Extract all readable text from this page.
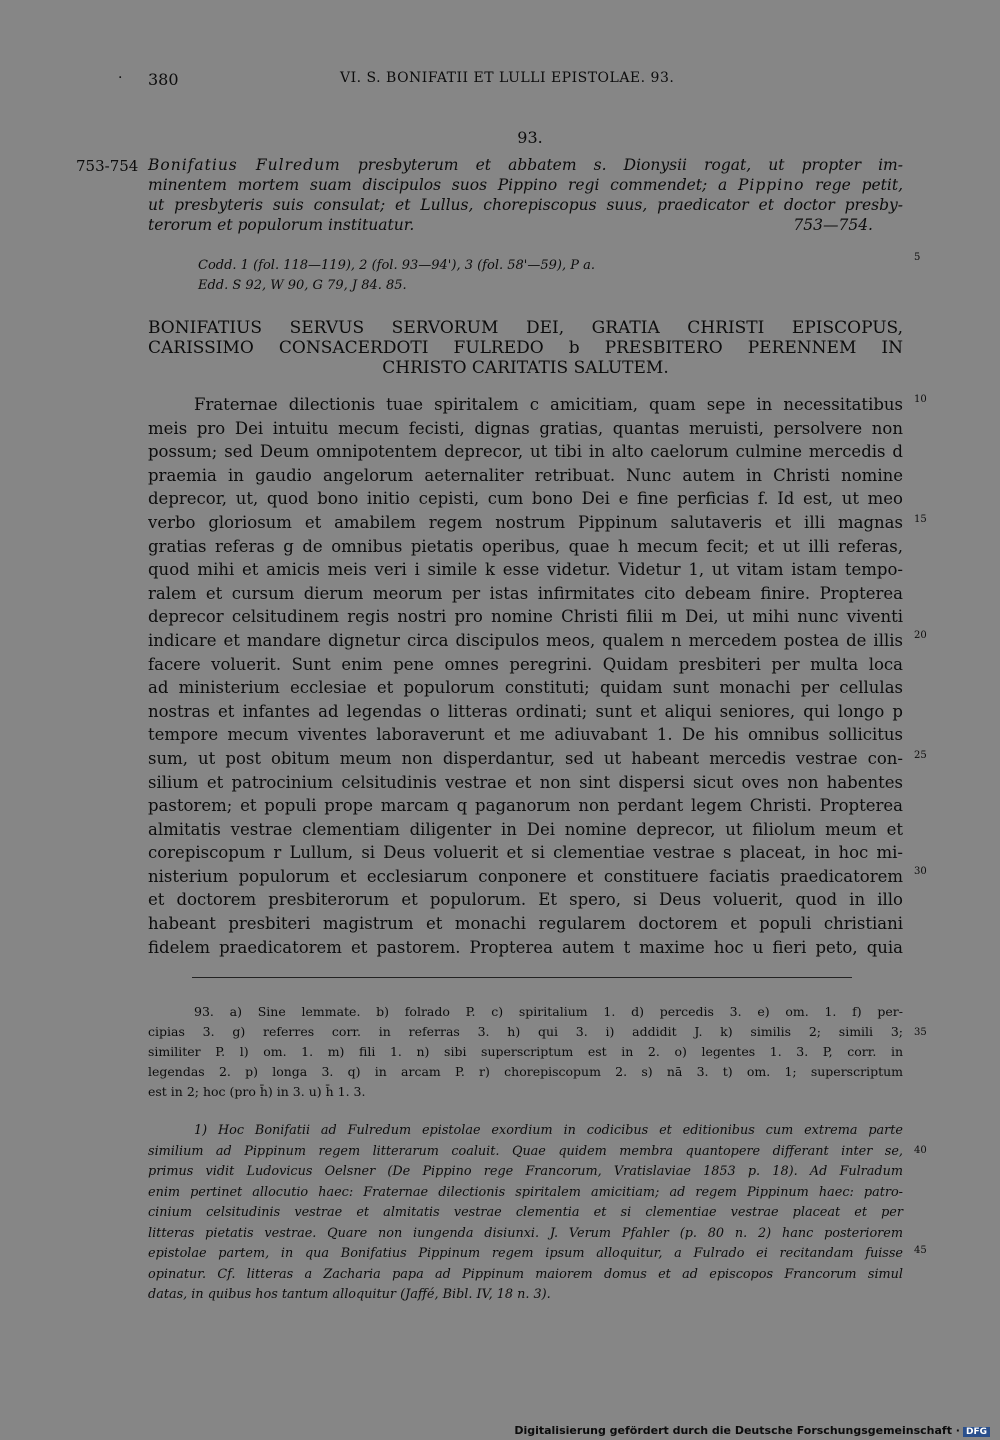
· 380	VI. S. BONIFATII ET LULLI EPISTOLAE. 93.
93.
753-754 Bonifatius Fulredum presbyterum et abbatem s. Dionysii rogat, ut propter im-
minentem mortem suam discipulos suos Pippino regi commendet; a Pippino rege petit,
ut presbyteris suis consulat; et Lullus, chorepiscopus suus, praedicator et doctor presby-
terorum et populorum instituatur.	753—754.
Codd. 1 (fol. 118—119), 2 (fol. 93—94'), 3 (fol. 58'—59), P a.
Edd. S 92, W 90, G 79, J 84. 85.
BONIFATIUS SERVUS SERVORUM DEI, GRATIA CHRISTI EPISCOPUS,
CARISSIMO CONSACERDOTI FULREDO b PRESBITERO PERENNEM IN
CHRISTO CARITATIS SALUTEM.
Fraternae dilectionis tuae spiritalem c amicitiam, quam sepe in necessitatibus
meis pro Dei intuitu mecum fecisti, dignas gratias, quantas meruisti, persolvere non
possum; sed Deum omnipotentem deprecor, ut tibi in alto caelorum culmine mercedis d
praemia in gaudio angelorum aeternaliter retribuat. Nunc autem in Christi nomine
deprecor, ut, quod bono initio cepisti, cum bono Dei e fine perficias f. Id est, ut meo
verbo gloriosum et amabilem regem nostrum Pippinum salutaveris et illi magnas
gratias referas g de omnibus pietatis operibus, quae h mecum fecit; et ut illi referas,
quod mihi et amicis meis veri i simile k esse videtur. Videtur 1, ut vitam istam tempo-
ralem et cursum dierum meorum per istas infirmitates cito debeam finire. Propterea
deprecor celsitudinem regis nostri pro nomine Christi filii m Dei, ut mihi nunc viventi
indicare et mandare dignetur circa discipulos meos, qualem n mercedem postea de illis
facere voluerit. Sunt enim pene omnes peregrini. Quidam presbiteri per multa loca
ad ministerium ecclesiae et populorum constituti; quidam sunt monachi per cellulas
nostras et infantes ad legendas o litteras ordinati; sunt et aliqui seniores, qui longo p
tempore mecum viventes laboraverunt et me adiuvabant 1. De his omnibus sollicitus
sum, ut post obitum meum non disperdantur, sed ut habeant mercedis vestrae con-
silium et patrocinium celsitudinis vestrae et non sint dispersi sicut oves non habentes
pastorem; et populi prope marcam q paganorum non perdant legem Christi. Propterea
almitatis vestrae clementiam diligenter in Dei nomine deprecor, ut filiolum meum et
corepiscopum r Lullum, si Deus voluerit et si clementiae vestrae s placeat, in hoc mi-
nisterium populorum et ecclesiarum conponere et constituere faciatis praedicatorem
et doctorem presbiterorum et populorum. Et spero, si Deus voluerit, quod in illo
habeant presbiteri magistrum et monachi regularem doctorem et populi christiani
fidelem praedicatorem et pastorem. Propterea autem t maxime hoc u fieri peto, quia
93. a) Sine lemmate. b) folrado P. c) spiritalium 1. d) percedis 3. e) om. 1. f) per-
cipias 3. g) referres corr. in referras 3. h) qui 3. i) addidit J. k) similis 2; simili 3;
similiter P. l) om. 1. m) fili 1. n) sibi superscriptum est in 2. o) legentes 1. 3. P, corr. in
legendas 2. p) longa 3. q) in arcam P. r) chorepiscopum 2. s) nā 3. t) om. 1; superscriptum
est in 2; hoc (pro h̄) in 3. u) h̄ 1. 3.
1) Hoc Bonifatii ad Fulredum epistolae exordium in codicibus et editionibus cum extrema parte
similium ad Pippinum regem litterarum coaluit. Quae quidem membra quantopere differant inter se,
primus vidit Ludovicus Oelsner (De Pippino rege Francorum, Vratislaviae 1853 p. 18). Ad Fulradum
enim pertinet allocutio haec: Fraternae dilectionis spiritalem amicitiam; ad regem Pippinum haec: patro-
cinium celsitudinis vestrae et almitatis vestrae clementia et si clementiae vestrae placeat et per
litteras pietatis vestrae. Quare non iungenda disiunxi. J. Verum Pfahler (p. 80 n. 2) hanc posteriorem
epistolae partem, in qua Bonifatius Pippinum regem ipsum alloquitur, a Fulrado ei recitandam fuisse
opinatur. Cf. litteras a Zacharia papa ad Pippinum maiorem domus et ad episcopos Francorum simul
datas, in quibus hos tantum alloquitur (Jaffé, Bibl. IV, 18 n. 3).
5
10
15
20
25
30
35
40
45
Digitalisierung gefördert durch die Deutsche Forschungsgemeinschaft · DFG
